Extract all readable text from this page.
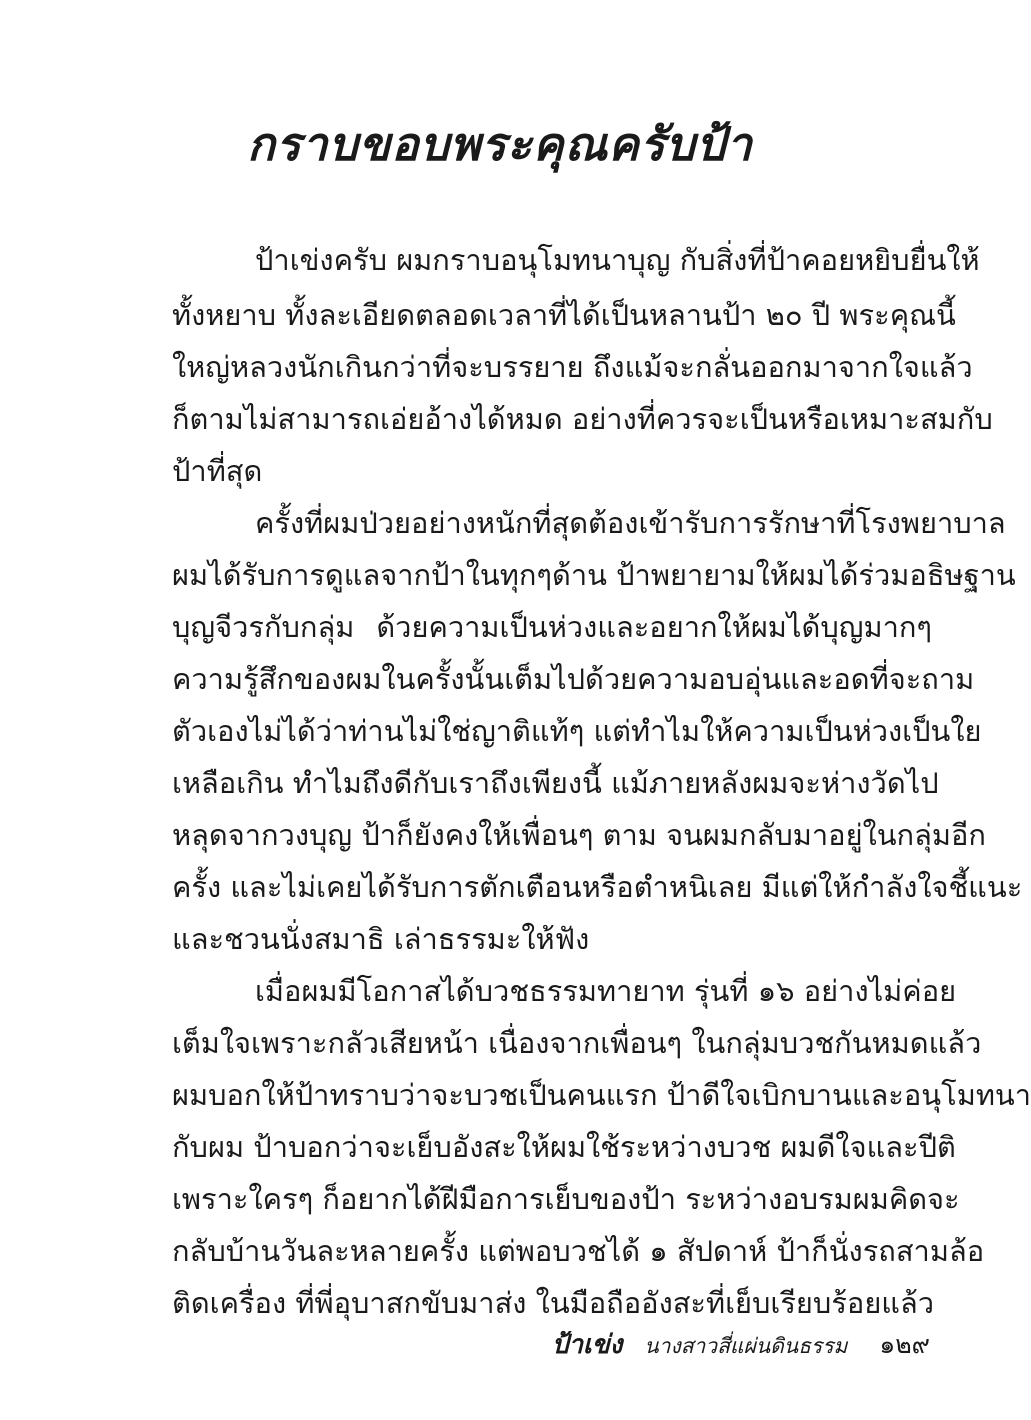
กราบขอบพระคุณครับป้า
ป้าเข่งครับ ผมกราบอนุโมทนาบุญ กับสิ่งที่ป้าคอยหยิบยื่นให้
ทั้งหยาบ ทั้งละเอียดตลอดเวลาที่ได้เป็นหลานป้า ๒๐ ปี พระคุณนี้
ใหญ่หลวงนักเกินกว่าที่จะบรรยาย ถึงแม้จะกลั่นออกมาจากใจแล้ว
ก็ตามไม่สามารถเอ่ยอ้างได้หมด อย่างที่ควรจะเป็นหรือเหมาะสมกับ
ป้าที่สุด
ครั้งที่ผมป่วยอย่างหนักที่สุดต้องเข้ารับการรักษาที่โรงพยาบาล
ผมได้รับการดูแลจากป้าในทุกๆด้าน ป้าพยายามให้ผมได้ร่วมอธิษฐาน
บุญจีวรกับกลุ่ม ด้วยความเป็นห่วงและอยากให้ผมได้บุญมากๆ
ความรู้สึกของผมในครั้งนั้นเต็มไปด้วยความอบอุ่นและอดที่จะถาม
ตัวเองไม่ได้ว่าท่านไม่ใช่ญาติแท้ๆ แต่ทำไมให้ความเป็นห่วงเป็นใย
เหลือเกิน ทำไมถึงดีกับเราถึงเพียงนี้ แม้ภายหลังผมจะห่างวัดไป
หลุดจากวงบุญ ป้าก็ยังคงให้เพื่อนๆ ตาม จนผมกลับมาอยู่ในกลุ่มอีก
ครั้ง และไม่เคยได้รับการตักเตือนหรือตำหนิเลย มีแต่ให้กำลังใจชี้แนะ
และชวนนั่งสมาธิ เล่าธรรมะให้ฟัง
เมื่อผมมีโอกาสได้บวชธรรมทายาท รุ่นที่ ๑๖ อย่างไม่ค่อย
เต็มใจเพราะกลัวเสียหน้า เนื่องจากเพื่อนๆ ในกลุ่มบวชกันหมดแล้ว
ผมบอกให้ป้าทราบว่าจะบวชเป็นคนแรก ป้าดีใจเบิกบานและอนุโมทนา
กับผม ป้าบอกว่าจะเย็บอังสะให้ผมใช้ระหว่างบวช ผมดีใจและปีติ
เพราะใครๆ ก็อยากได้ฝีมือการเย็บของป้า ระหว่างอบรมผมคิดจะ
กลับบ้านวันละหลายครั้ง แต่พอบวชได้ ๑ สัปดาห์ ป้าก็นั่งรถสามล้อ
ติดเครื่อง ที่พี่อุบาสกขับมาส่ง ในมือถืออังสะที่เย็บเรียบร้อยแล้ว
ป้าเข่ง นางสาวสี่แผ่นดินธรรม ๑๒๙
